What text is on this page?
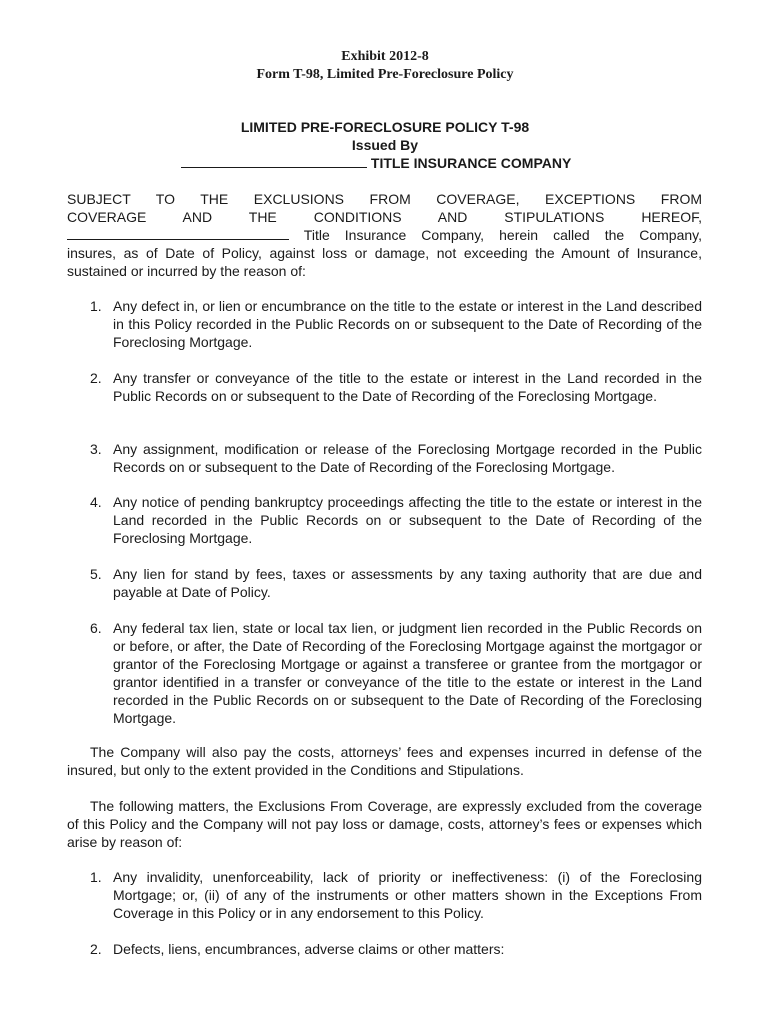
Exhibit 2012-8
Form T-98, Limited Pre-Foreclosure Policy
LIMITED PRE-FORECLOSURE POLICY T-98
Issued By
TITLE INSURANCE COMPANY
SUBJECT TO THE EXCLUSIONS FROM COVERAGE, EXCEPTIONS FROM
COVERAGE AND THE CONDITIONS AND STIPULATIONS HEREOF,
Title Insurance Company, herein called the Company,
insures, as of Date of Policy, against loss or damage, not exceeding the Amount of Insurance,
sustained or incurred by the reason of:
1. Any defect in, or lien or encumbrance on the title to the estate or interest in the Land described in this Policy recorded in the Public Records on or subsequent to the Date of Recording of the Foreclosing Mortgage.
2. Any transfer or conveyance of the title to the estate or interest in the Land recorded in the Public Records on or subsequent to the Date of Recording of the Foreclosing Mortgage.
3. Any assignment, modification or release of the Foreclosing Mortgage recorded in the Public Records on or subsequent to the Date of Recording of the Foreclosing Mortgage.
4. Any notice of pending bankruptcy proceedings affecting the title to the estate or interest in the Land recorded in the Public Records on or subsequent to the Date of Recording of the Foreclosing Mortgage.
5. Any lien for stand by fees, taxes or assessments by any taxing authority that are due and payable at Date of Policy.
6. Any federal tax lien, state or local tax lien, or judgment lien recorded in the Public Records on or before, or after, the Date of Recording of the Foreclosing Mortgage against the mortgagor or grantor of the Foreclosing Mortgage or against a transferee or grantee from the mortgagor or grantor identified in a transfer or conveyance of the title to the estate or interest in the Land recorded in the Public Records on or subsequent to the Date of Recording of the Foreclosing Mortgage.
The Company will also pay the costs, attorneys’ fees and expenses incurred in defense of the insured, but only to the extent provided in the Conditions and Stipulations.
The following matters, the Exclusions From Coverage, are expressly excluded from the coverage of this Policy and the Company will not pay loss or damage, costs, attorney’s fees or expenses which arise by reason of:
1. Any invalidity, unenforceability, lack of priority or ineffectiveness: (i) of the Foreclosing Mortgage; or, (ii) of any of the instruments or other matters shown in the Exceptions From Coverage in this Policy or in any endorsement to this Policy.
2. Defects, liens, encumbrances, adverse claims or other matters:
